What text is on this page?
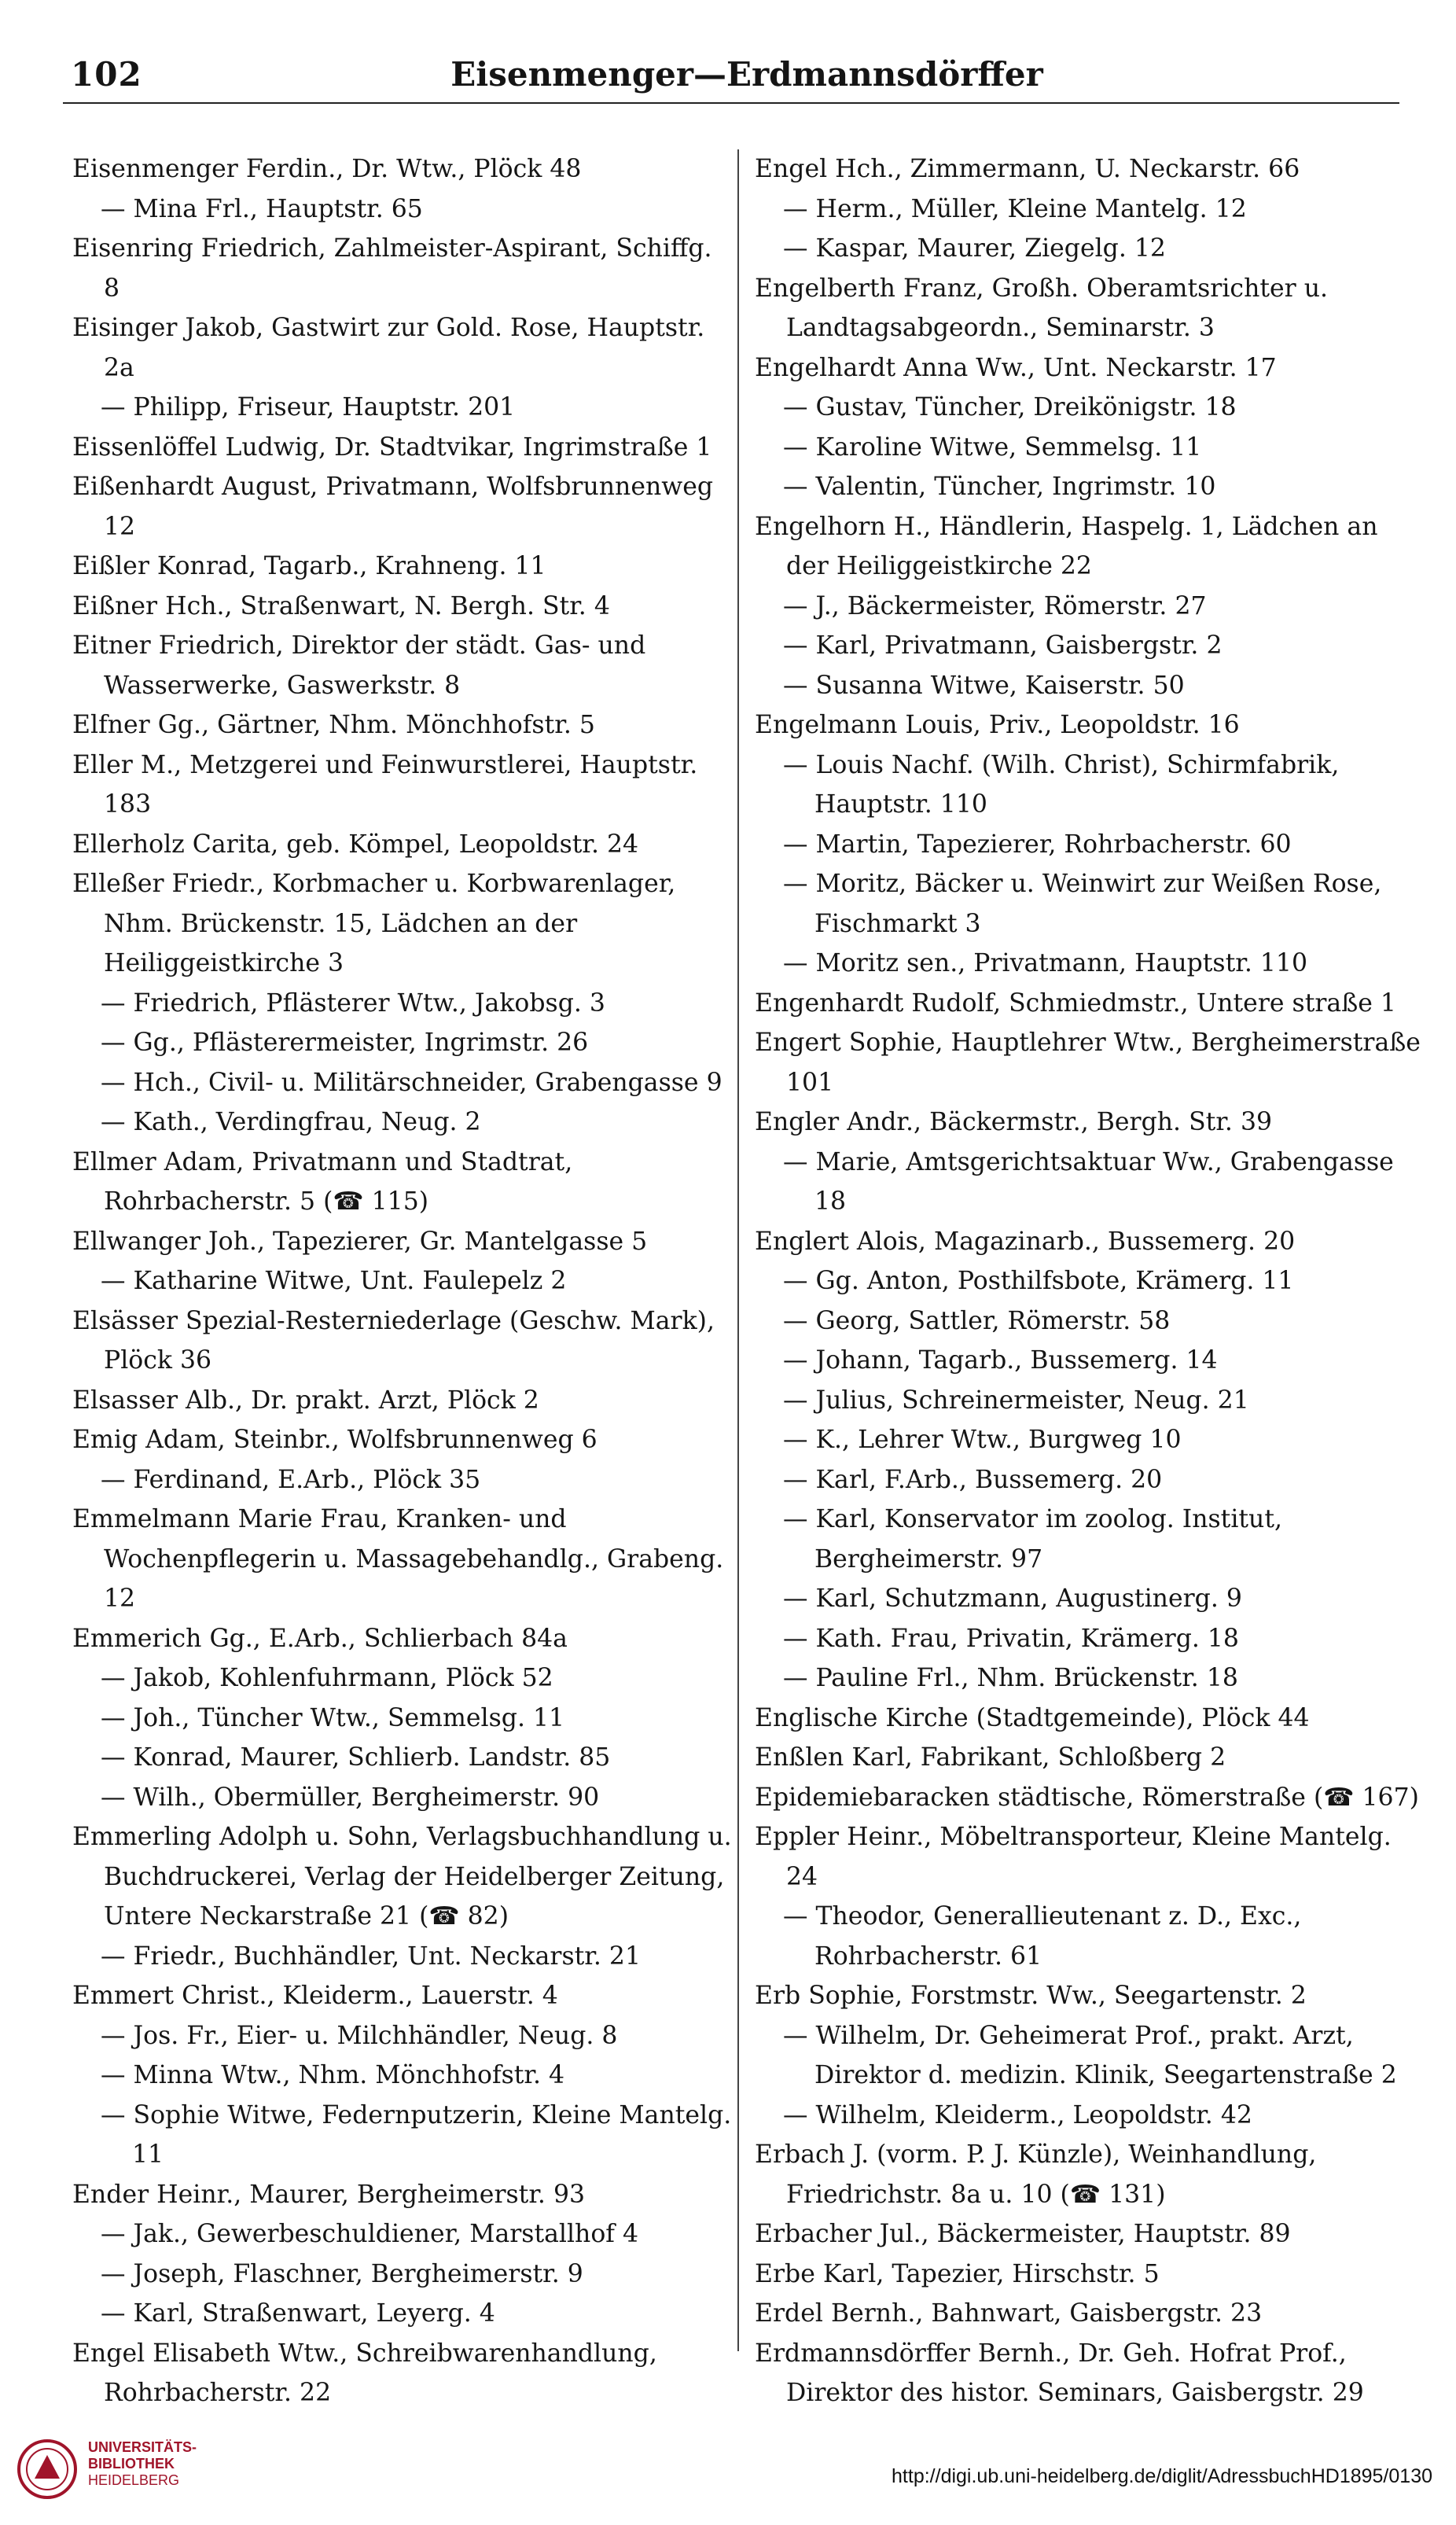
102	Eisenmenger—Erdmannsdörffer
Eisenmenger Ferdin., Dr. Wtw., Plöck 48
— Mina Frl., Hauptstr. 65
Eisenring Friedrich, Zahlmeister-Aspirant, Schiffg. 8
Eisinger Jakob, Gastwirt zur Gold. Rose, Hauptstr. 2a
— Philipp, Friseur, Hauptstr. 201
Eissenlöffel Ludwig, Dr. Stadtvikar, Ingrimstraße 1
Eißenhardt August, Privatmann, Wolfsbrunnenweg 12
Eißler Konrad, Tagarb., Krahneng. 11
Eißner Hch., Straßenwart, N. Bergh. Str. 4
Eitner Friedrich, Direktor der städt. Gas- und Wasserwerke, Gaswerkstr. 8
Elfner Gg., Gärtner, Nhm. Mönchhofstr. 5
Eller M., Metzgerei und Feinwurstlerei, Hauptstr. 183
Ellerholz Carita, geb. Kömpel, Leopoldstr. 24
Elleßer Friedr., Korbmacher u. Korbwarenlager, Nhm. Brückenstr. 15, Lädchen an der Heiliggeistkirche 3
— Friedrich, Pflästerer Wtw., Jakobsg. 3
— Gg., Pflästerermeister, Ingrimstr. 26
— Hch., Civil- u. Militärschneider, Grabengasse 9
— Kath., Verdingfrau, Neug. 2
Ellmer Adam, Privatmann und Stadtrat, Rohrbacherstr. 5 (☎ 115)
Ellwanger Joh., Tapezierer, Gr. Mantelgasse 5
— Katharine Witwe, Unt. Faulepelz 2
Elsässer Spezial-Resterniederlage (Geschw. Mark), Plöck 36
Elsasser Alb., Dr. prakt. Arzt, Plöck 2
Emig Adam, Steinbr., Wolfsbrunnenweg 6
— Ferdinand, E.Arb., Plöck 35
Emmelmann Marie Frau, Kranken- und Wochenpflegerin u. Massagebehandlg., Grabeng. 12
Emmerich Gg., E.Arb., Schlierbach 84a
— Jakob, Kohlenfuhrmann, Plöck 52
— Joh., Tüncher Wtw., Semmelsg. 11
— Konrad, Maurer, Schlierb. Landstr. 85
— Wilh., Obermüller, Bergheimerstr. 90
Emmerling Adolph u. Sohn, Verlagsbuchhandlung u. Buchdruckerei, Verlag der Heidelberger Zeitung, Untere Neckarstraße 21 (☎ 82)
— Friedr., Buchhändler, Unt. Neckarstr. 21
Emmert Christ., Kleiderm., Lauerstr. 4
— Jos. Fr., Eier- u. Milchhändler, Neug. 8
— Minna Wtw., Nhm. Mönchhofstr. 4
— Sophie Witwe, Federnputzerin, Kleine Mantelg. 11
Ender Heinr., Maurer, Bergheimerstr. 93
— Jak., Gewerbeschuldiener, Marstallhof 4
— Joseph, Flaschner, Bergheimerstr. 9
— Karl, Straßenwart, Leyerg. 4
Engel Elisabeth Wtw., Schreibwarenhandlung, Rohrbacherstr. 22
Engel Hch., Zimmermann, U. Neckarstr. 66
— Herm., Müller, Kleine Mantelg. 12
— Kaspar, Maurer, Ziegelg. 12
Engelberth Franz, Großh. Oberamtsrichter u. Landtagsabgeordn., Seminarstr. 3
Engelhardt Anna Ww., Unt. Neckarstr. 17
— Gustav, Tüncher, Dreikönigstr. 18
— Karoline Witwe, Semmelsg. 11
— Valentin, Tüncher, Ingrimstr. 10
Engelhorn H., Händlerin, Haspelg. 1, Lädchen an der Heiliggeistkirche 22
— J., Bäckermeister, Römerstr. 27
— Karl, Privatmann, Gaisbergstr. 2
— Susanna Witwe, Kaiserstr. 50
Engelmann Louis, Priv., Leopoldstr. 16
— Louis Nachf. (Wilh. Christ), Schirmfabrik, Hauptstr. 110
— Martin, Tapezierer, Rohrbacherstr. 60
— Moritz, Bäcker u. Weinwirt zur Weißen Rose, Fischmarkt 3
— Moritz sen., Privatmann, Hauptstr. 110
Engenhardt Rudolf, Schmiedmstr., Untere straße 1
Engert Sophie, Hauptlehrer Wtw., Bergheimerstraße 101
Engler Andr., Bäckermstr., Bergh. Str. 39
— Marie, Amtsgerichtsaktuar Ww., Grabengasse 18
Englert Alois, Magazinarb., Bussemerg. 20
— Gg. Anton, Posthilfsbote, Krämerg. 11
— Georg, Sattler, Römerstr. 58
— Johann, Tagarb., Bussemerg. 14
— Julius, Schreinermeister, Neug. 21
— K., Lehrer Wtw., Burgweg 10
— Karl, F.Arb., Bussemerg. 20
— Karl, Konservator im zoolog. Institut, Bergheimerstr. 97
— Karl, Schutzmann, Augustinerg. 9
— Kath. Frau, Privatin, Krämerg. 18
— Pauline Frl., Nhm. Brückenstr. 18
Englische Kirche (Stadtgemeinde), Plöck 44
Enßlen Karl, Fabrikant, Schloßberg 2
Epidemiebaracken städtische, Römerstraße (☎ 167)
Eppler Heinr., Möbeltransporteur, Kleine Mantelg. 24
— Theodor, Generallieutenant z. D., Exc., Rohrbacherstr. 61
Erb Sophie, Forstmstr. Ww., Seegartenstr. 2
— Wilhelm, Dr. Geheimerat Prof., prakt. Arzt, Direktor d. medizin. Klinik, Seegartenstraße 2
— Wilhelm, Kleiderm., Leopoldstr. 42
Erbach J. (vorm. P. J. Künzle), Weinhandlung, Friedrichstr. 8a u. 10 (☎ 131)
Erbacher Jul., Bäckermeister, Hauptstr. 89
Erbe Karl, Tapezier, Hirschstr. 5
Erdel Bernh., Bahnwart, Gaisbergstr. 23
Erdmannsdörffer Bernh., Dr. Geh. Hofrat Prof., Direktor des histor. Seminars, Gaisbergstr. 29
UNIVERSITÄTS-
BIBLIOTHEK
HEIDELBERG	http://digi.ub.uni-heidelberg.de/diglit/AdressbuchHD1895/0130
